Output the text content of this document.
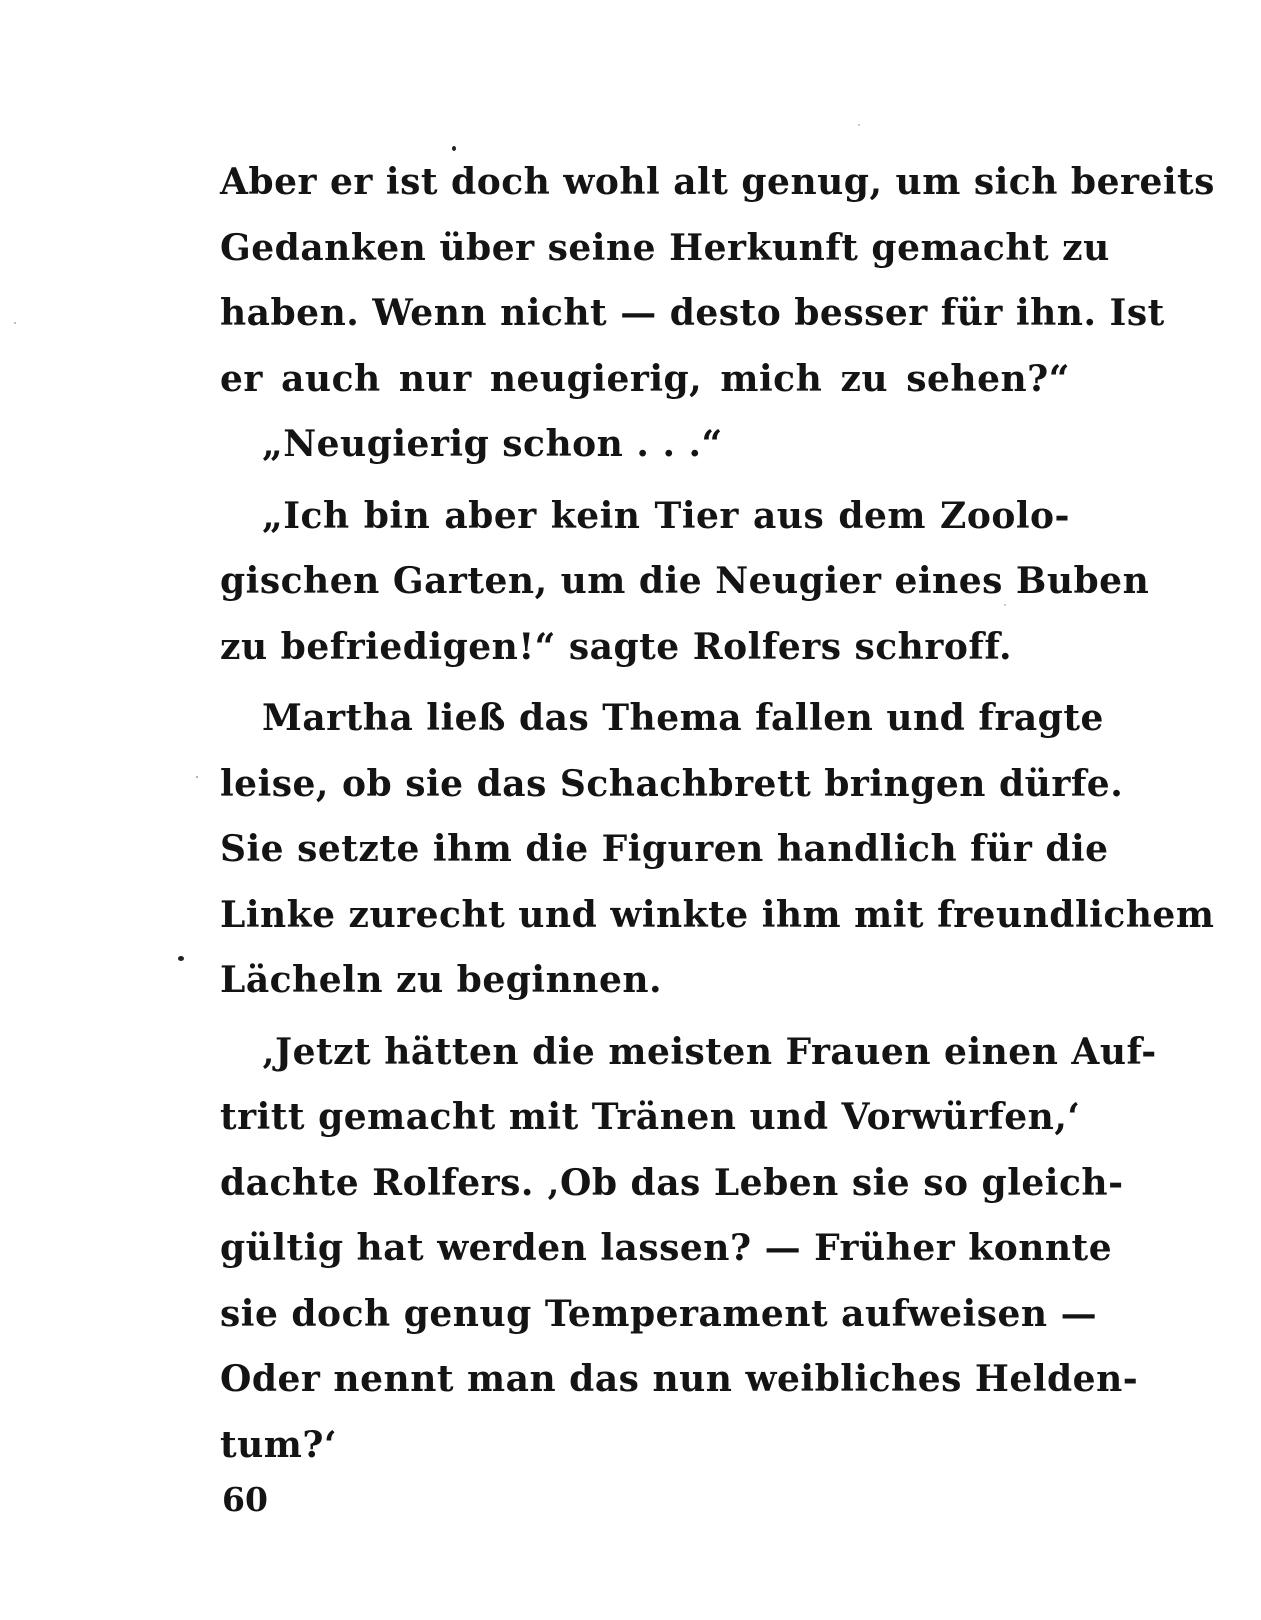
Aber er ist doch wohl alt genug, um sich bereits
Gedanken über seine Herkunft gemacht zu
haben. Wenn nicht — desto besser für ihn. Ist
er auch nur neugierig, mich zu sehen?“
„Neugierig schon . . .“
„Ich bin aber kein Tier aus dem Zoolo-
gischen Garten, um die Neugier eines Buben
zu befriedigen!“ sagte Rolfers schroff.
Martha ließ das Thema fallen und fragte
leise, ob sie das Schachbrett bringen dürfe.
Sie setzte ihm die Figuren handlich für die
Linke zurecht und winkte ihm mit freundlichem
Lächeln zu beginnen.
‚Jetzt hätten die meisten Frauen einen Auf-
tritt gemacht mit Tränen und Vorwürfen,‘
dachte Rolfers. ‚Ob das Leben sie so gleich-
gültig hat werden lassen? — Früher konnte
sie doch genug Temperament aufweisen —
Oder nennt man das nun weibliches Helden-
tum?‘
60
